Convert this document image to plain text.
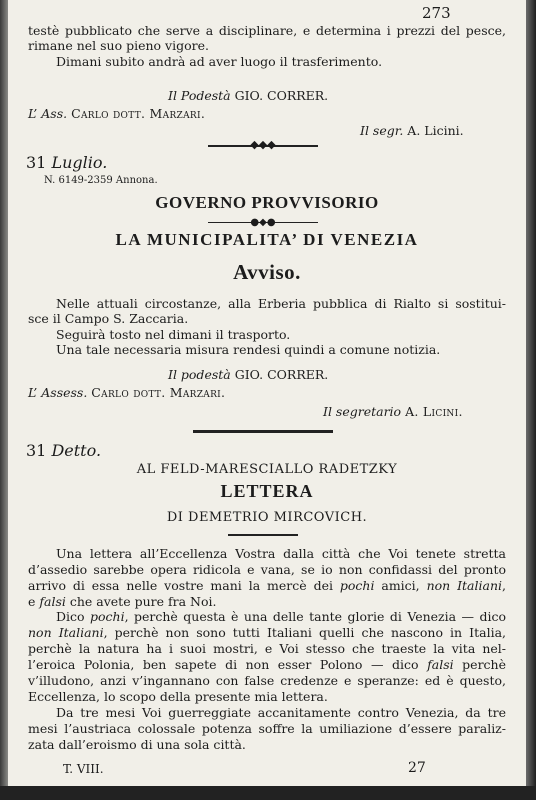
273
testè pubblicato che serve a disciplinare, e determina i prezzi del pesce,
rimane nel suo pieno vigore.
Dimani subito andrà ad aver luogo il trasferimento.
Il Podestà GIO. CORRER.
L’ Ass. Carlo dott. Marzari.
Il segr. A. Licini.
◆◆◆
31 Luglio.
N. 6149-2359 Annona.
GOVERNO PROVVISORIO
●◆●
LA MUNICIPALITA’ DI VENEZIA
Avviso.
Nelle attuali circostanze, alla Erberia pubblica di Rialto si sostitui-
sce il Campo S. Zaccaria.
Seguirà tosto nel dimani il trasporto.
Una tale necessaria misura rendesi quindi a comune notizia.
Il podestà GIO. CORRER.
L’ Assess. Carlo dott. Marzari.
Il segretario A. Licini.
31 Detto.
AL FELD-MARESCIALLO RADETZKY
LETTERA
DI DEMETRIO MIRCOVICH.
Una lettera all’Eccellenza Vostra dalla città che Voi tenete stretta
d’assedio sarebbe opera ridicola e vana, se io non confidassi del pronto
arrivo di essa nelle vostre mani la mercè dei pochi amici, non Italiani,
e falsi che avete pure fra Noi.
Dico pochi, perchè questa è una delle tante glorie di Venezia — dico
non Italiani, perchè non sono tutti Italiani quelli che nascono in Italia,
perchè la natura ha i suoi mostri, e Voi stesso che traeste la vita nel-
l’eroica Polonia, ben sapete di non esser Polono — dico falsi perchè
v’illudono, anzi v’ingannano con false credenze e speranze: ed è questo,
Eccellenza, lo scopo della presente mia lettera.
Da tre mesi Voi guerreggiate accanitamente contro Venezia, da tre
mesi l’austriaca colossale potenza soffre la umiliazione d’essere paraliz-
zata dall’eroismo di una sola città.
T. VIII.	27
